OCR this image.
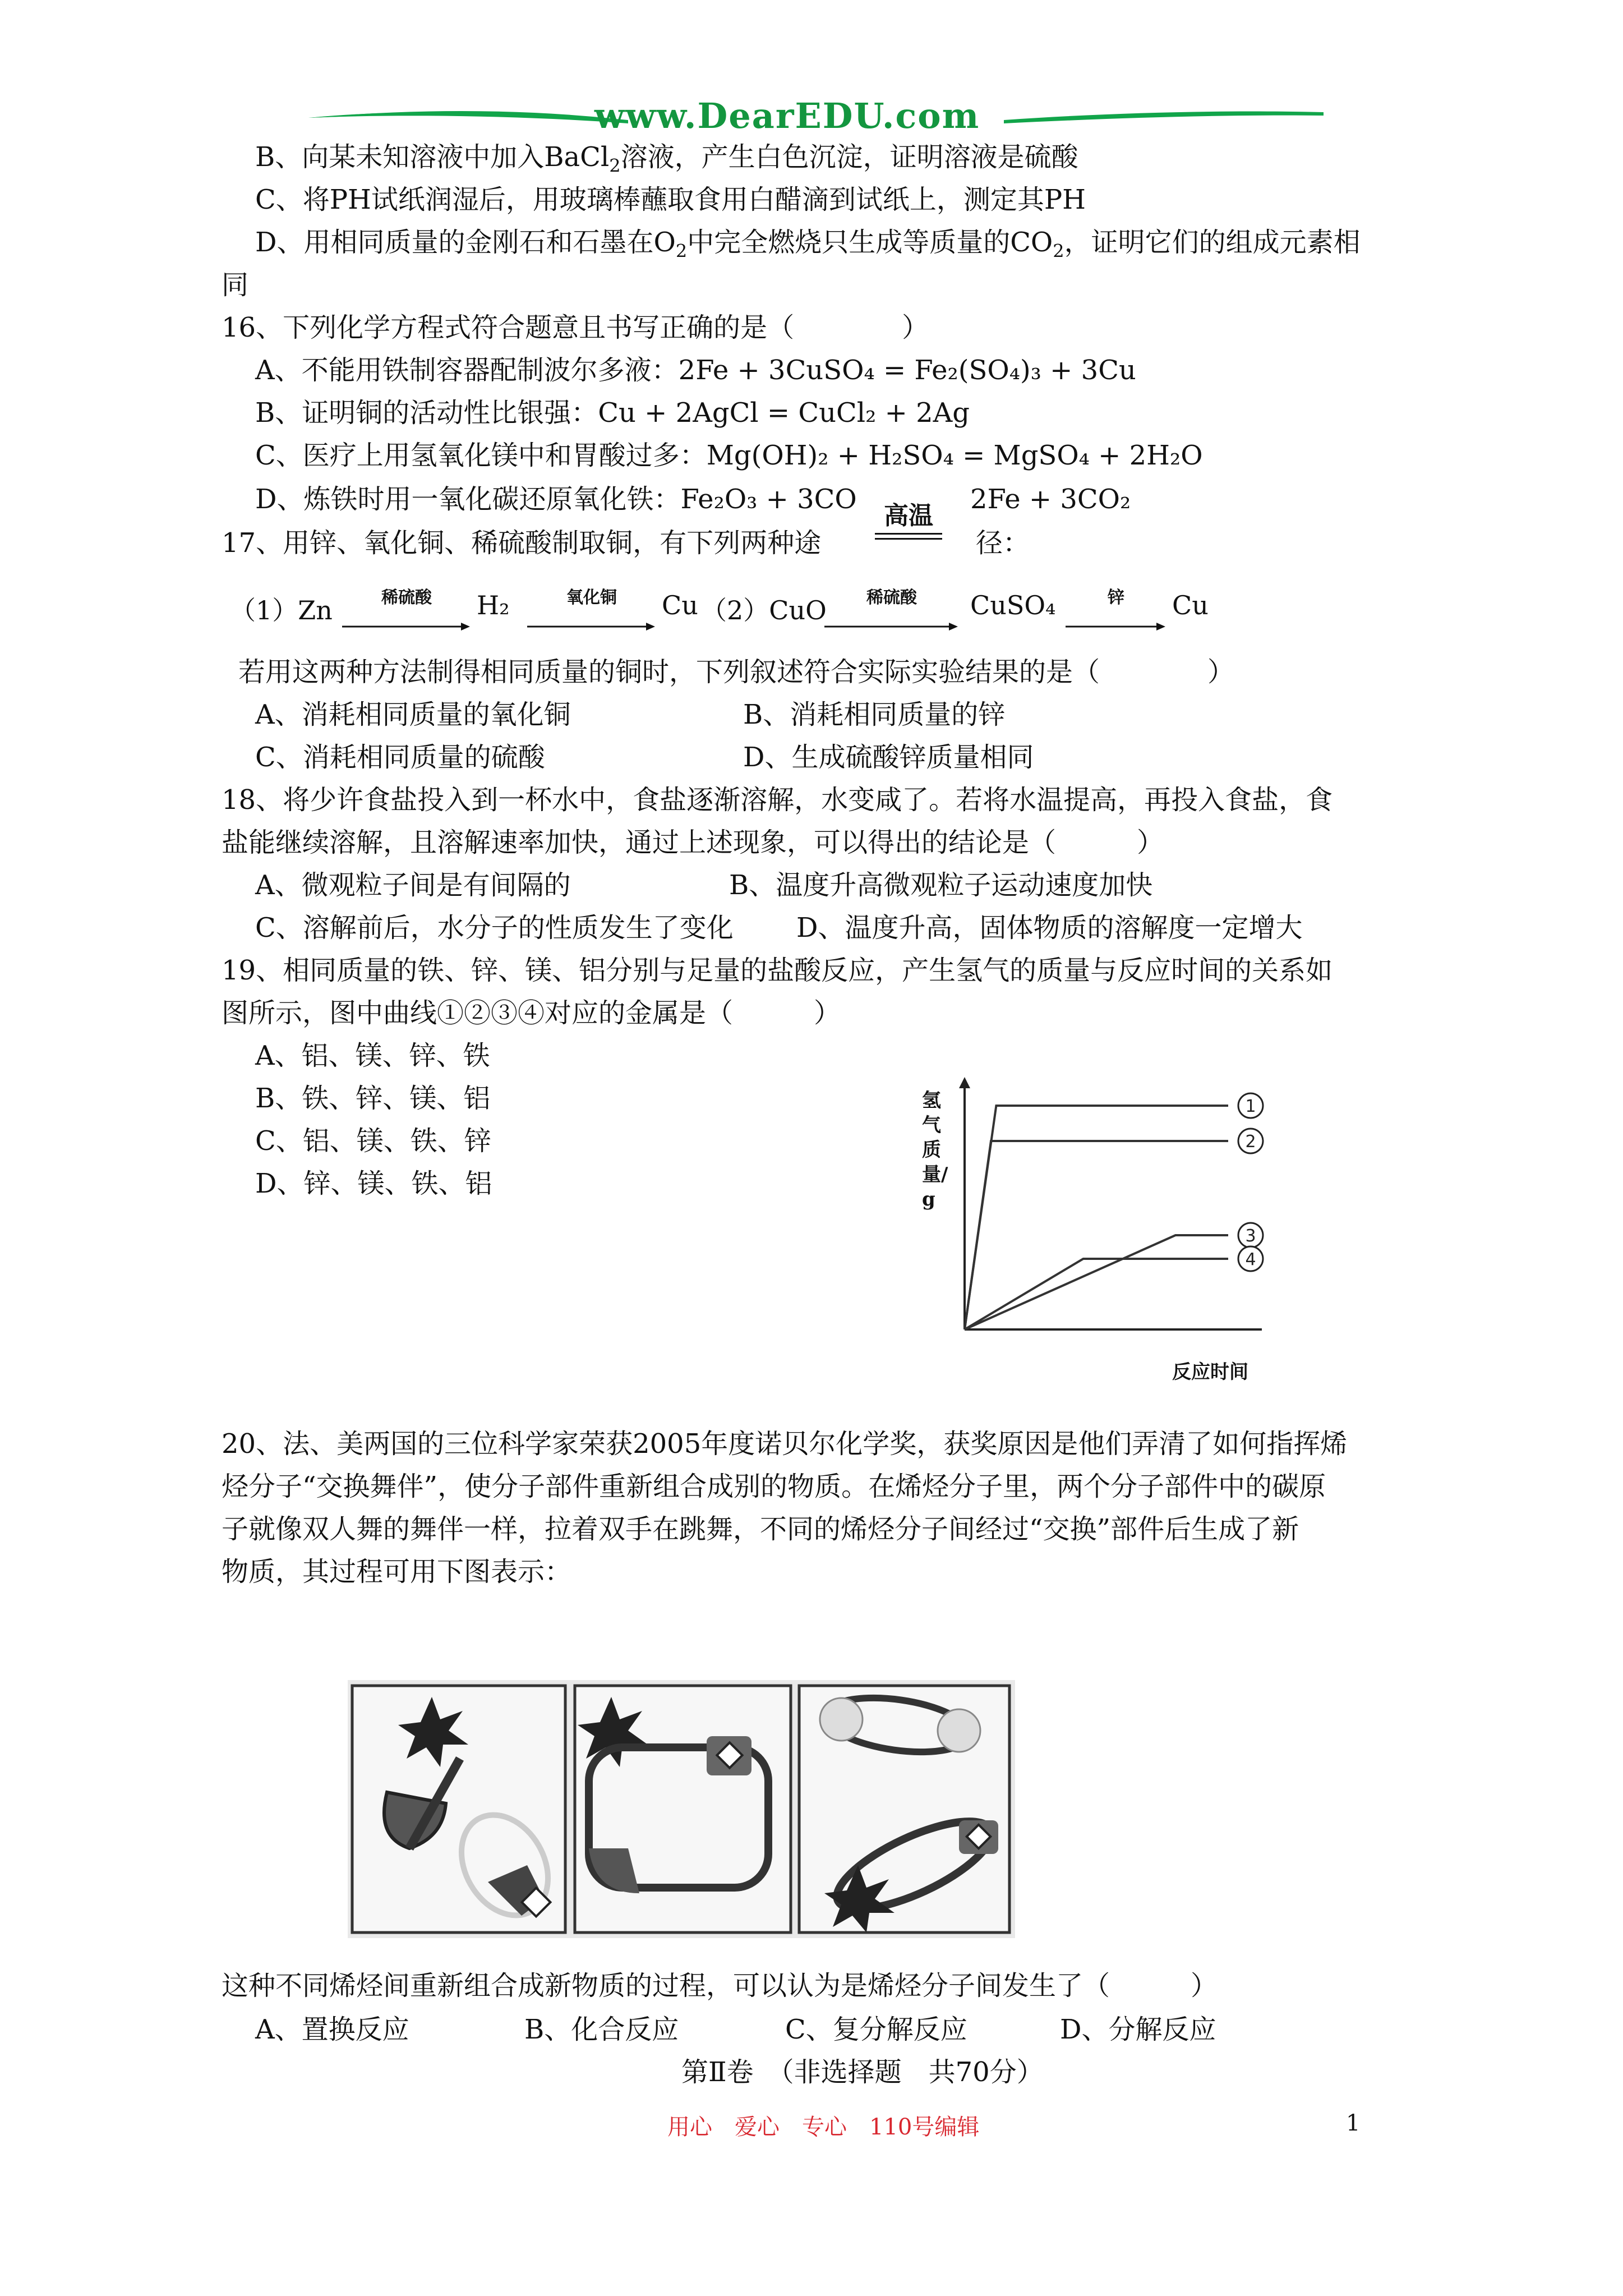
www.DearEDU.com
B、向某未知溶液中加入BaCl$_2$溶液，产生白色沉淀，证明溶液是硫酸
C、将PH试纸润湿后，用玻璃棒蘸取食用白醋滴到试纸上，测定其PH
D、用相同质量的金刚石和石墨在$O_2$中完全燃烧只生成等质量的$CO_2$，证明它们的组成元素相
同
16、下列化学方程式符合题意且书写正确的是（　　　　）
A、不能用铁制容器配制波尔多液：2Fe + 3CuSO₄ = Fe₂(SO₄)₃ + 3Cu
B、证明铜的活动性比银强：Cu + 2AgCl = CuCl₂ + 2Ag
C、医疗上用氢氧化镁中和胃酸过多：Mg(OH)₂ + H₂SO₄ = MgSO₄ + 2H₂O
D、炼铁时用一氧化碳还原氧化铁：Fe₂O₃ + 3CO	2Fe + 3CO₂
高温
17、用锌、氧化铜、稀硫酸制取铜，有下列两种途	径：
（1）Zn	稀硫酸	H₂	氧化铜	Cu （2）CuO	稀硫酸	CuSO₄	锌	Cu
若用这两种方法制得相同质量的铜时，下列叙述符合实际实验结果的是（　　　　）
A、消耗相同质量的氧化铜	B、消耗相同质量的锌
C、消耗相同质量的硫酸	D、生成硫酸锌质量相同
18、将少许食盐投入到一杯水中，食盐逐渐溶解，水变咸了。若将水温提高，再投入食盐，食
盐能继续溶解，且溶解速率加快，通过上述现象，可以得出的结论是（　　　）
A、微观粒子间是有间隔的	B、温度升高微观粒子运动速度加快
C、溶解前后，水分子的性质发生了变化 D、温度升高，固体物质的溶解度一定增大
19、相同质量的铁、锌、镁、铝分别与足量的盐酸反应，产生氢气的质量与反应时间的关系如
图所示，图中曲线①②③④对应的金属是（　　　）
A、铝、镁、锌、铁
B、铁、锌、镁、铝
C、铝、镁、铁、锌
D、锌、镁、铁、铝
氢气质量/g
1
2
3
4
反应时间
20、法、美两国的三位科学家荣获2005年度诺贝尔化学奖，获奖原因是他们弄清了如何指挥烯
烃分子“交换舞伴”，使分子部件重新组合成别的物质。在烯烃分子里，两个分子部件中的碳原
子就像双人舞的舞伴一样，拉着双手在跳舞，不同的烯烃分子间经过“交换”部件后生成了新
物质，其过程可用下图表示：
这种不同烯烃间重新组合成新物质的过程，可以认为是烯烃分子间发生了（　　　）
A、置换反应	B、化合反应	C、复分解反应	D、分解反应
第Ⅱ卷　（非选择题　共70分）
用心　爱心　专心　110号编辑	1
